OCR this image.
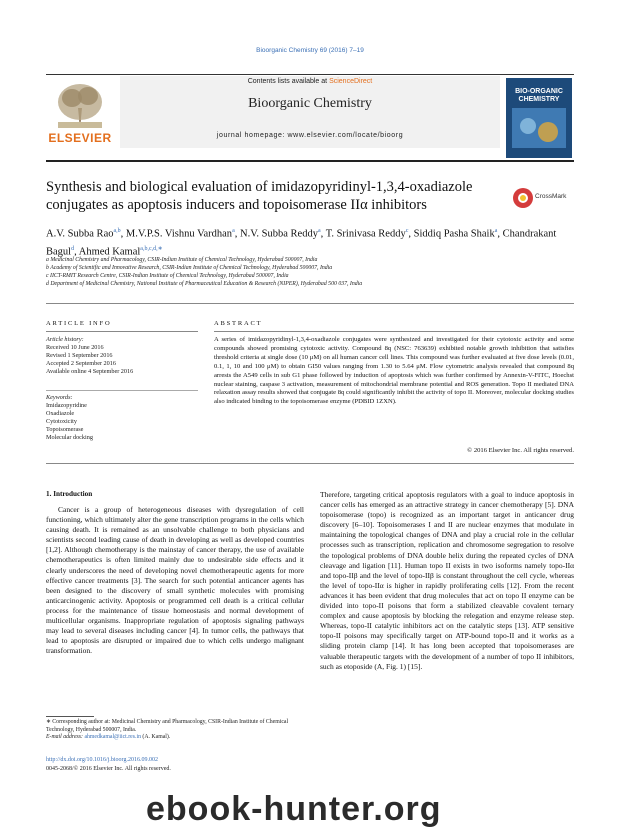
Bioorganic Chemistry 69 (2016) 7–19
ELSEVIER
Contents lists available at ScienceDirect
Bioorganic Chemistry
journal homepage: www.elsevier.com/locate/bioorg
BIO-ORGANIC CHEMISTRY
Synthesis and biological evaluation of imidazopyridinyl-1,3,4-oxadiazole conjugates as apoptosis inducers and topoisomerase IIα inhibitors
CrossMark
A.V. Subba Rao$^{a,b}$, M.V.P.S. Vishnu Vardhan$^a$, N.V. Subba Reddy$^a$, T. Srinivasa Reddy$^c$, Siddiq Pasha Shaik$^a$, Chandrakant Bagul$^d$, Ahmed Kamal$^{a,b,c,d,∗}$
a Medicinal Chemistry and Pharmacology, CSIR-Indian Institute of Chemical Technology, Hyderabad 500007, India
b Academy of Scientific and Innovative Research, CSIR-Indian Institute of Chemical Technology, Hyderabad 500007, India
c IICT-RMIT Research Centre, CSIR-Indian Institute of Chemical Technology, Hyderabad 500007, India
d Department of Medicinal Chemistry, National Institute of Pharmaceutical Education & Research (NIPER), Hyderabad 500 037, India
ARTICLE INFO
Article history:
Received 10 June 2016
Revised 1 September 2016
Accepted 2 September 2016
Available online 4 September 2016
Keywords:
Imidazopyridine
Oxadiazole
Cytotoxicity
Topoisomerase
Molecular docking
ABSTRACT
A series of imidazopyridinyl-1,3,4-oxadiazole conjugates were synthesized and investigated for their cytotoxic activity and some compounds showed promising cytotoxic activity. Compound 8q (NSC: 763639) exhibited notable growth inhibition that satisfies threshold criteria at single dose (10 μM) on all human cancer cell lines. This compound was further evaluated at five dose levels (0.01, 0.1, 1, 10 and 100 μM) to obtain GI50 values ranging from 1.30 to 5.64 μM. Flow cytometric analysis revealed that compound 8q arrests the A549 cells in sub G1 phase followed by induction of apoptosis which was further confirmed by Annexin-V-FITC, Hoechst nuclear staining, caspase 3 activation, measurement of mitochondrial membrane potential and ROS generation. Topo II mediated DNA relaxation assay results showed that conjugate 8q could significantly inhibit the activity of topo II. Moreover, molecular docking studies also indicated binding to the topoisomerase enzyme (PDBID 1ZXN).
© 2016 Elsevier Inc. All rights reserved.
1. Introduction
Cancer is a group of heterogeneous diseases with dysregulation of cell functioning, which ultimately alter the gene transcription programs in the cells which causing death. It is remained as an unsolvable challenge to both physicians and scientists second leading cause of death in developing as well as developed countries [1,2]. Although chemotherapy is the mainstay of cancer therapy, the use of available chemotherapeutics is often limited mainly due to undesirable side effects and it clearly underscores the need of developing novel chemotherapeutic agents for more effective cancer treatments [3]. The search for such potential anticancer agents has been designed to the discovery of small synthetic molecules with promising anticarcinogenic activity. Apoptosis or programmed cell death is a critical cellular process for the maintenance of tissue homeostasis and normal development of multicellular organisms. Inappropriate regulation of apoptosis signaling pathways may lead to several diseases including cancer [4]. In tumor cells, the pathways that lead to apoptosis are disrupted or impaired due to which cells undergo malignant transformation.
Therefore, targeting critical apoptosis regulators with a goal to induce apoptosis in cancer cells has emerged as an attractive strategy in cancer chemotherapy [5]. DNA topoisomerase (topo) is recognized as an important target in anticancer drug discovery [6–10]. Topoisomerases I and II are nuclear enzymes that modulate in maintaining the topological changes of DNA and play a crucial role in the cellular processes such as transcription, replication and chromosome segregation to resolve the topological problems of DNA double helix during the repeated cycles of DNA cleavage and ligation [11]. Human topo II exists in two isoforms namely topo-IIα and topo-IIβ and the level of topo-IIβ is constant throughout the cell cycle, whereas the level of topo-IIα is higher in rapidly proliferating cells [12]. From the recent advances it has been evident that drug molecules that act on topo II enzyme can be divided into topo-II poisons that form a stabilized cleavable covalent ternary complex and cause apoptosis by blocking the relegation and enzyme release step. Whereas, topo-II catalytic inhibitors act on the catalytic steps [13]. ATP sensitive topo-II poisons may specifically target on ATP-bound topo-II and it works as a sliding protein clamp [14]. It has long been accepted that topoisomerases are valuable therapeutic targets with the development of a number of topo II inhibitors, such as etoposide (A, Fig. 1) [15].
∗ Corresponding author at: Medicinal Chemistry and Pharmacology, CSIR-Indian Institute of Chemical Technology, Hyderabad 500007, India.
E-mail address: ahmedkamal@iict.res.in (A. Kamal).
http://dx.doi.org/10.1016/j.bioorg.2016.09.002
0045-2068/© 2016 Elsevier Inc. All rights reserved.
ebook-hunter.org
